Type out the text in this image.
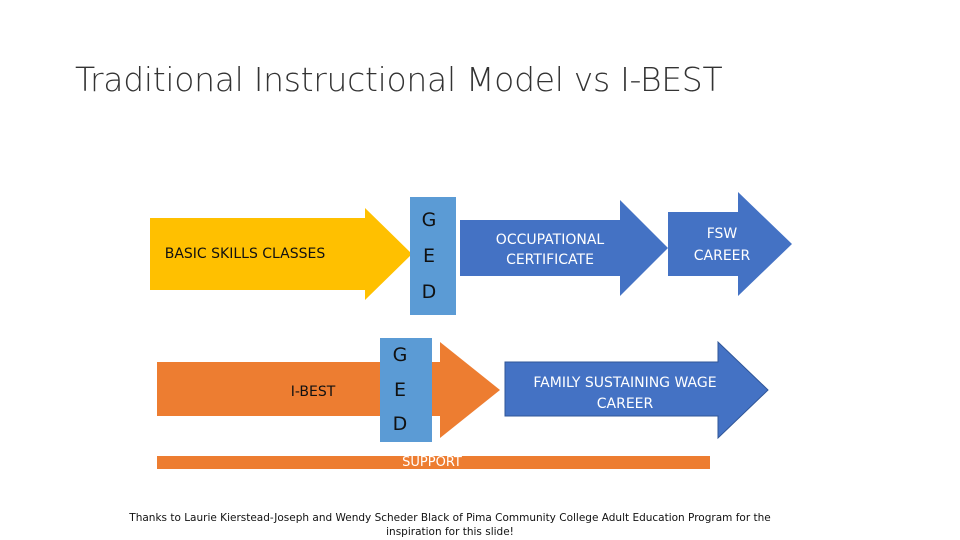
Traditional Instructional Model vs I-BEST
BASIC SKILLS CLASSES
G
E
D
OCCUPATIONAL
CERTIFICATE
FSW
CAREER
I-BEST
G
E
D
FAMILY SUSTAINING WAGE
CAREER
SUPPORT
Thanks to Laurie Kierstead-Joseph and Wendy Scheder Black of Pima Community College Adult Education Program for the inspiration for this slide!
